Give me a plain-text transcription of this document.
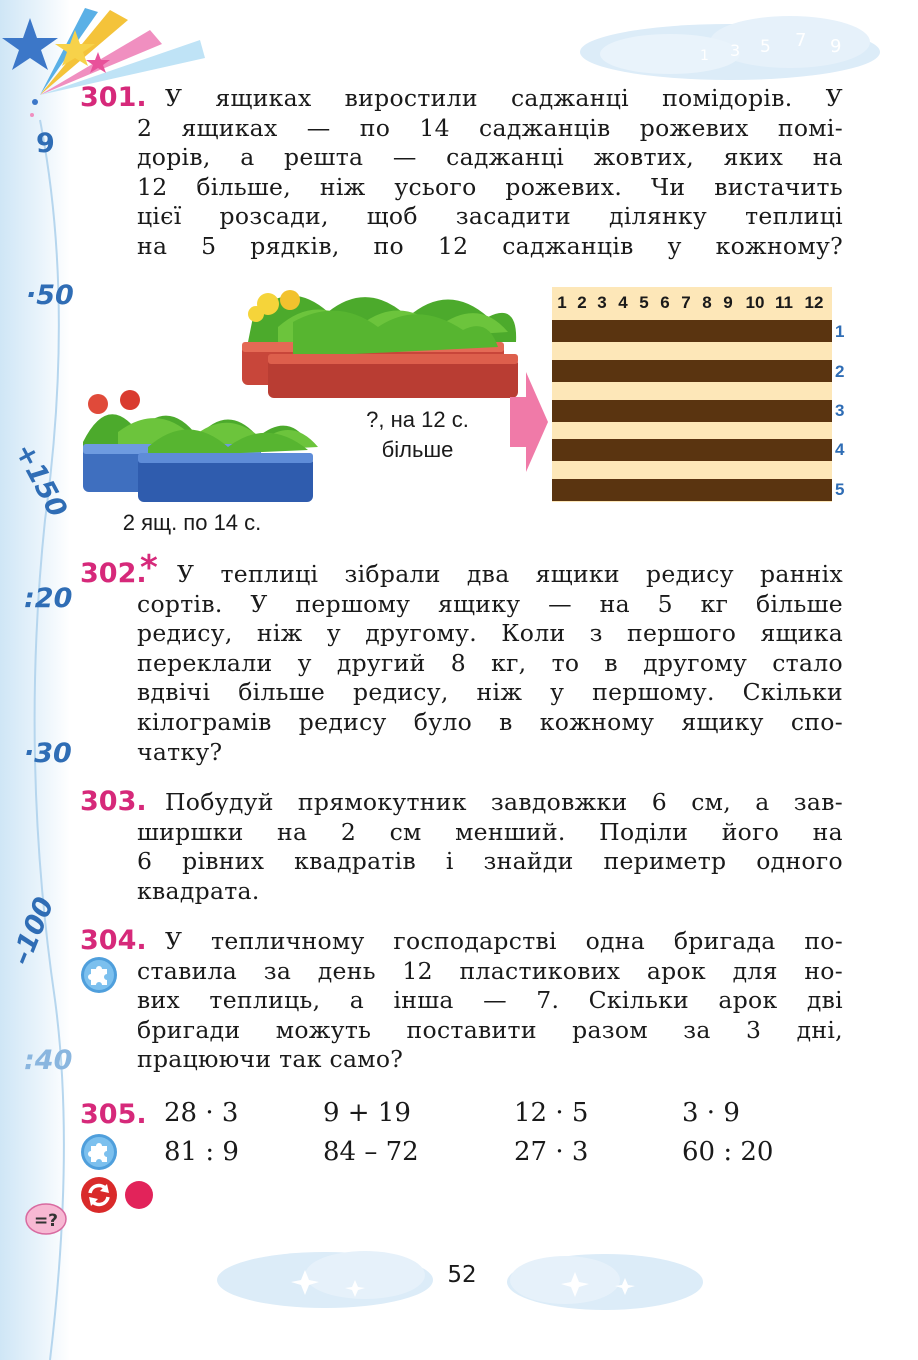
9
·50
+150
:20
·30
–100
:40
1 3 5 7 9
301. У ящиках виростили саджанці помідорів. У
2 ящиках — по 14 саджанців рожевих помі-
дорів, а решта — саджанці жовтих, яких на
12 більше, ніж усього рожевих. Чи вистачить
цієї розсади, щоб засадити ділянку теплиці
на 5 рядків, по 12 саджанців у кожному?
?, на 12 с.
більше
2 ящ. по 14 с.
1 2 3 4 5 6 7 8 9 10 11 12
1
2
3
4
5
302.
* У теплиці зібрали два ящики редису ранніх
сортів. У першому ящику — на 5 кг більше
редису, ніж у другому. Коли з першого ящика
переклали у другий 8 кг, то в другому стало
вдвічі більше редису, ніж у першому. Скільки
кілограмів редису було в кожному ящику спо-
чатку?
303. Побудуй прямокутник завдовжки 6 см, а зав-
ширшки на 2 см менший. Поділи його на
6 рівних квадратів і знайди периметр одного
квадрата.
304. У тепличному господарстві одна бригада по-
ставила за день 12 пластикових арок для но-
вих теплиць, а інша — 7. Скільки арок дві
бригади можуть поставити разом за 3 дні,
працюючи так само?
305.
=?
28 · 3	9 + 19	12 · 5	3 · 9
81 : 9	84 – 72	27 · 3	60 : 20
52
